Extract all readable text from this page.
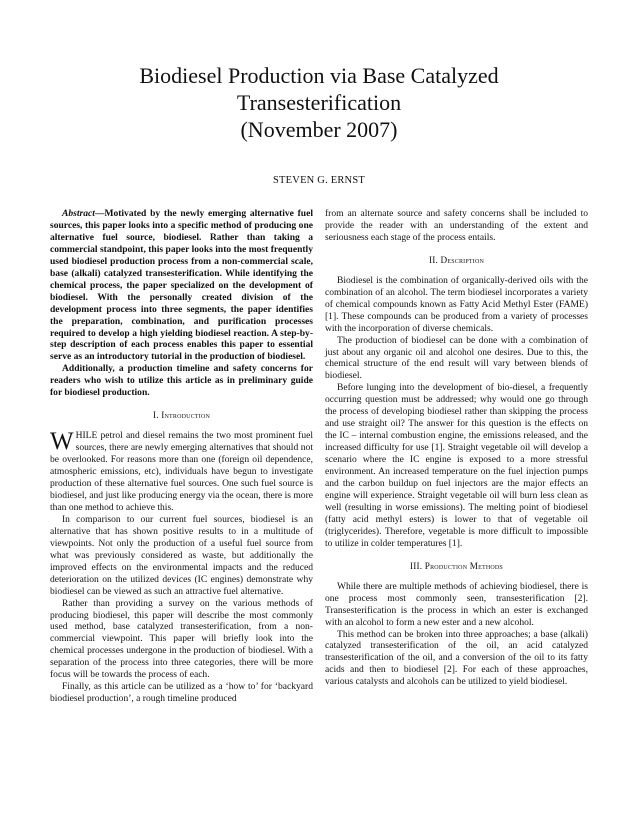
Biodiesel Production via Base Catalyzed
Transesterification
(November 2007)
STEVEN G. ERNST

Abstract—Motivated by the newly emerging alternative fuel sources, this paper looks into a specific method of producing one alternative fuel source, biodiesel. Rather than taking a commercial standpoint, this paper looks into the most frequently used biodiesel production process from a non-commercial scale, base (alkali) catalyzed transesterification. While identifying the chemical process, the paper specialized on the development of biodiesel. With the personally created division of the development process into three segments, the paper identifies the preparation, combination, and purification processes required to develop a high yielding biodiesel reaction. A step-by-step description of each process enables this paper to essential serve as an introductory tutorial in the production of biodiesel.

Additionally, a production timeline and safety concerns for readers who wish to utilize this article as in preliminary guide for biodiesel production.

I. Introduction

WHILE petrol and diesel remains the two most prominent fuel sources, there are newly emerging alternatives that should not be overlooked. For reasons more than one (foreign oil dependence, atmospheric emissions, etc), individuals have begun to investigate production of these alternative fuel sources. One such fuel source is biodiesel, and just like producing energy via the ocean, there is more than one method to achieve this.

In comparison to our current fuel sources, biodiesel is an alternative that has shown positive results to in a multitude of viewpoints. Not only the production of a useful fuel source from what was previously considered as waste, but additionally the improved effects on the environmental impacts and the reduced deterioration on the utilized devices (IC engines) demonstrate why biodiesel can be viewed as such an attractive fuel alternative.

Rather than providing a survey on the various methods of producing biodiesel, this paper will describe the most commonly used method, base catalyzed transesterification, from a non-commercial viewpoint. This paper will briefly look into the chemical processes undergone in the production of biodiesel. With a separation of the process into three categories, there will be more focus will be towards the process of each.

Finally, as this article can be utilized as a ‘how to’ for ‘backyard biodiesel production’, a rough timeline produced

from an alternate source and safety concerns shall be included to provide the reader with an understanding of the extent and seriousness each stage of the process entails.

II. Description

Biodiesel is the combination of organically-derived oils with the combination of an alcohol. The term biodiesel incorporates a variety of chemical compounds known as Fatty Acid Methyl Ester (FAME) [1]. These compounds can be produced from a variety of processes with the incorporation of diverse chemicals.

The production of biodiesel can be done with a combination of just about any organic oil and alcohol one desires. Due to this, the chemical structure of the end result will vary between blends of biodiesel.

Before lunging into the development of bio-diesel, a frequently occurring question must be addressed; why would one go through the process of developing biodiesel rather than skipping the process and use straight oil? The answer for this question is the effects on the IC – internal combustion engine, the emissions released, and the increased difficulty for use [1]. Straight vegetable oil will develop a scenario where the IC engine is exposed to a more stressful environment. An increased temperature on the fuel injection pumps and the carbon buildup on fuel injectors are the major effects an engine will experience. Straight vegetable oil will burn less clean as well (resulting in worse emissions). The melting point of biodiesel (fatty acid methyl esters) is lower to that of vegetable oil (triglycerides). Therefore, vegetable is more difficult to impossible to utilize in colder temperatures [1].

III. Production Methods

While there are multiple methods of achieving biodiesel, there is one process most commonly seen, transesterification [2]. Transesterification is the process in which an ester is exchanged with an alcohol to form a new ester and a new alcohol.

This method can be broken into three approaches; a base (alkali) catalyzed transesterification of the oil, an acid catalyzed transesterification of the oil, and a conversion of the oil to its fatty acids and then to biodiesel [2]. For each of these approaches, various catalysts and alcohols can be utilized to yield biodiesel.
